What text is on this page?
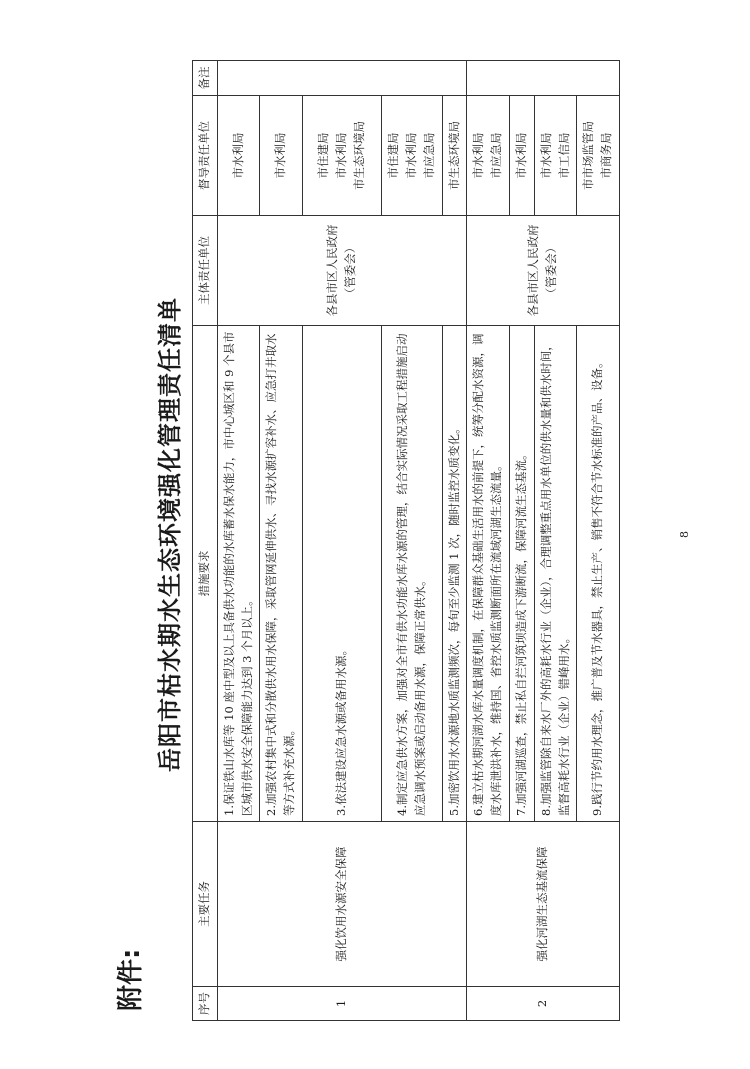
附件:
岳阳市枯水期水生态环境强化管理责任清单
序号	主要任务	措施要求	主体责任单位	督导责任单位	备注
1	强化饮用水源安全保障	1.保证铁山水库等 10 座中型及以上具备供水功能的水库蓄水保水能力，市中心城区和 9 个县市区城市供水安全保障能力达到 3 个月以上。	各县市区人民政府（管委会）	市水利局	

		2.加强农村集中式和分散供水用水保障，采取管网延伸供水、寻找水源扩容补水、应急打井取水等方式补充水源。		市水利局	

		3.依法建设应急水源或备用水源。		市住建局 市水利局 市生态环境局	

		4.制定应急供水方案，加强对全市有供水功能水库水源的管理，结合实际情况采取工程措施启动应急调水预案或启动备用水源，保障正常供水。		市住建局 市水利局 市应急局	

		5.加密饮用水水源地水质监测频次，每旬至少监测 1 次，随时监控水质变化。		市生态环境局	

2	强化河湖生态基流保障	6.建立枯水期河湖水库水量调度机制，在保障群众基础生活用水的前提下，统筹分配水资源，调度水库泄洪补水，维持国、省控水质监测断面所在流域河湖生态流量。	各县市区人民政府（管委会）	市水利局 市应急局	

		7.加强河湖巡查，禁止私自拦河筑坝造成下游断流，保障河流生态基流。		市水利局	

		8.加强监管除自来水厂外的高耗水行业（企业），合理调整重点用水单位的供水量和供水时间，监督高耗水行业（企业）错峰用水。		市水利局 市工信局	

		9.践行节约用水理念，推广普及节水器具，禁止生产、销售不符合节水标准的产品、设备。		市市场监管局 市商务局	
8
